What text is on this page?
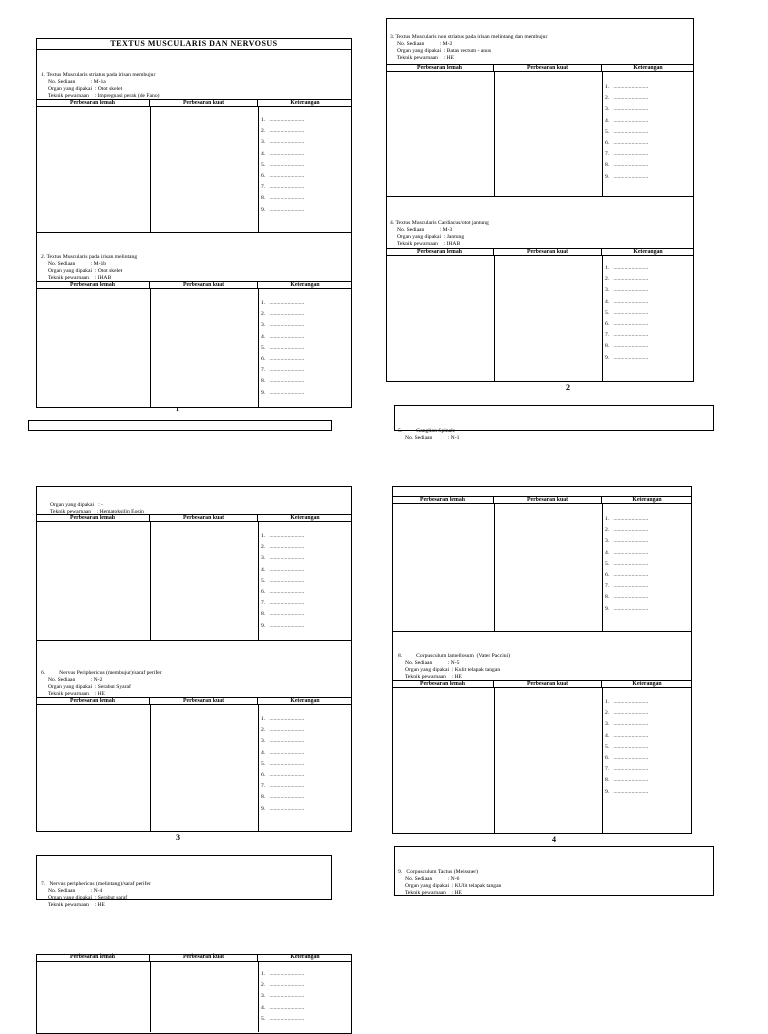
TEXTUS MUSCULARIS DAN NERVOSUS

1. Textus Muscularis striatus pada irisan membujur
No. Sediaan           : M-1a
Organ yang dipakai  : Otot skelet
Teknik pewarnaan    : Impregnasi perak (de Fano)

Perbesaran lemah	Perbesaran kuat	Keterangan
1.   .........................
2.   .........................
3.   .........................
4.   .........................
5.   .........................
6.   .........................
7.   .........................
8.   .........................
9.   .........................

2. Textus Muscularis pada irisan melintang
No. Sediaan           : M-1b
Organ yang dipakai  : Otot skelet
Teknik pewarnaan    : IHAB

Perbesaran lemah	Perbesaran kuat	Keterangan
1.   .........................
2.   .........................
3.   .........................
4.   .........................
5.   .........................
6.   .........................
7.   .........................
8.   .........................
9.   .........................
1

3. Textus Muscularis non striatus pada irisan melintang dan membujur
No. Sediaan           : M-2
Organ yang dipakai  : Batas rectum - anus
Teknik pewarnaan    : HE

Perbesaran lemah	Perbesaran kuat	Keterangan
1.   .........................
2.   .........................
3.   .........................
4.   .........................
5.   .........................
6.   .........................
7.   .........................
8.   .........................
9.   .........................

4. Textus Muscularis Cardiacus/otot jantung
No. Sediaan           : M-3
Organ yang dipakai  : Jantung
Teknik pewarnaan    : IHAB

Perbesaran lemah	Perbesaran kuat	Keterangan
1.   .........................
2.   .........................
3.   .........................
4.   .........................
5.   .........................
6.   .........................
7.   .........................
8.   .........................
9.   .........................
2

5.          Ganglion Spinale
No. Sediaan           : N-1

Organ yang dipakai   : -
Teknik pewarnaan    : Hematoksilin Eosin

Perbesaran lemah	Perbesaran kuat	Keterangan
1.   .........................
2.   .........................
3.   .........................
4.   .........................
5.   .........................
6.   .........................
7.   .........................
8.   .........................
9.   .........................

6.          Nervus Periphericus (membujur)/saraf perifer
No. Sediaan           : N-2
Organ yang dipakai  : Serabut Syaraf
Teknik pewarnaan    : HE

Perbesaran lemah	Perbesaran kuat	Keterangan
1.   .........................
2.   .........................
3.   .........................
4.   .........................
5.   .........................
6.   .........................
7.   .........................
8.   .........................
9.   .........................
3

7.   Nervus periphericus (melintang)/saraf perifer
No. Sediaan           : N-4
Organ yang dipakai  : Serabut saraf
Teknik pewarnaan    : HE

Perbesaran lemah	Perbesaran kuat	Keterangan
1.   .........................
2.   .........................
3.   .........................
4.   .........................
5.   .........................
6.   .........................
7.   .........................
8.   .........................
9.   .........................

8.          Corpusculum lamellosum  (Vater Paccini)
No. Sediaan           : N-5
Organ yang dipakai  : Kulit telapak tangan
Teknik pewarnaan    : HE

Perbesaran lemah	Perbesaran kuat	Keterangan
1.   .........................
2.   .........................
3.   .........................
4.   .........................
5.   .........................
6.   .........................
7.   .........................
8.   .........................
9.   .........................
4

9.   Corpusculum Tactus (Meissner)
No. Sediaan           : N-6
Organ yang dipakai  : KUlit telapak tangan
Teknik pewarnaan    : HE

Perbesaran lemah	Perbesaran kuat	Keterangan
1.   .........................
2.   .........................
3.   .........................
4.   .........................
5.   .........................
